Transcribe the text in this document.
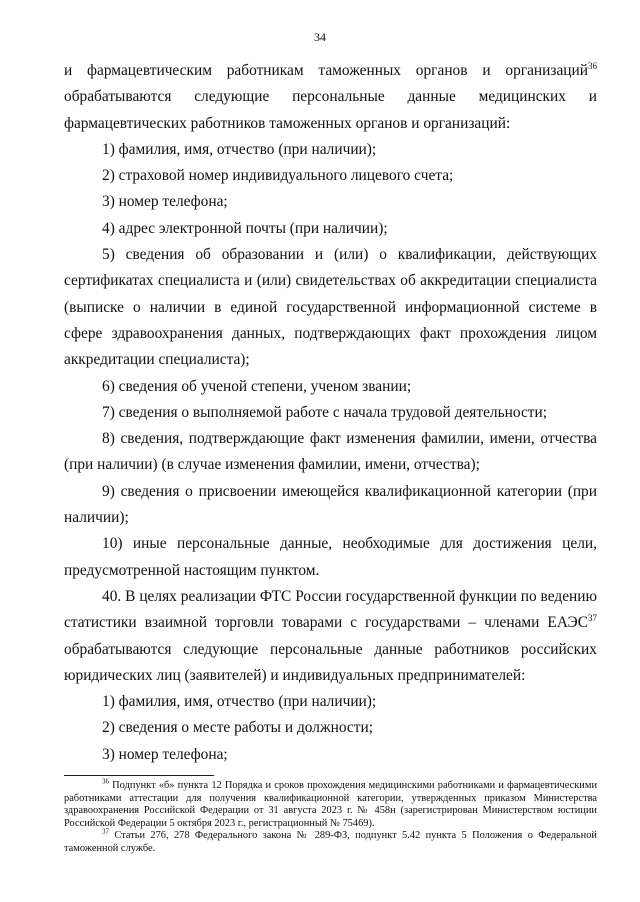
34

и фармацевтическим работникам таможенных органов и организаций$^{36}$ обрабатываются следующие персональные данные медицинских и фармацевтических работников таможенных органов и организаций:

1) фамилия, имя, отчество (при наличии);

2) страховой номер индивидуального лицевого счета;

3) номер телефона;

4) адрес электронной почты (при наличии);

5) сведения об образовании и (или) о квалификации, действующих сертификатах специалиста и (или) свидетельствах об аккредитации специалиста (выписке о наличии в единой государственной информационной системе в сфере здравоохранения данных, подтверждающих факт прохождения лицом аккредитации специалиста);

6) сведения об ученой степени, ученом звании;

7) сведения о выполняемой работе с начала трудовой деятельности;

8) сведения, подтверждающие факт изменения фамилии, имени, отчества (при наличии) (в случае изменения фамилии, имени, отчества);

9) сведения о присвоении имеющейся квалификационной категории (при наличии);

10) иные персональные данные, необходимые для достижения цели, предусмотренной настоящим пунктом.

40. В целях реализации ФТС России государственной функции по ведению статистики взаимной торговли товарами с государствами – членами ЕАЭС$^{37}$ обрабатываются следующие персональные данные работников российских юридических лиц (заявителей) и индивидуальных предпринимателей:

1) фамилия, имя, отчество (при наличии);

2) сведения о месте работы и должности;

3) номер телефона;

$^{36}$ Подпункт «б» пункта 12 Порядка и сроков прохождения медицинскими работниками и фармацевтическими работниками аттестации для получения квалификационной категории, утвержденных приказом Министерства здравоохранения Российской Федерации от 31 августа 2023 г. № 458н (зарегистрирован Министерством юстиции Российской Федерации 5 октября 2023 г., регистрационный № 75469).

$^{37}$ Статьи 276, 278 Федерального закона № 289-ФЗ, подпункт 5.42 пункта 5 Положения о Федеральной таможенной службе.
